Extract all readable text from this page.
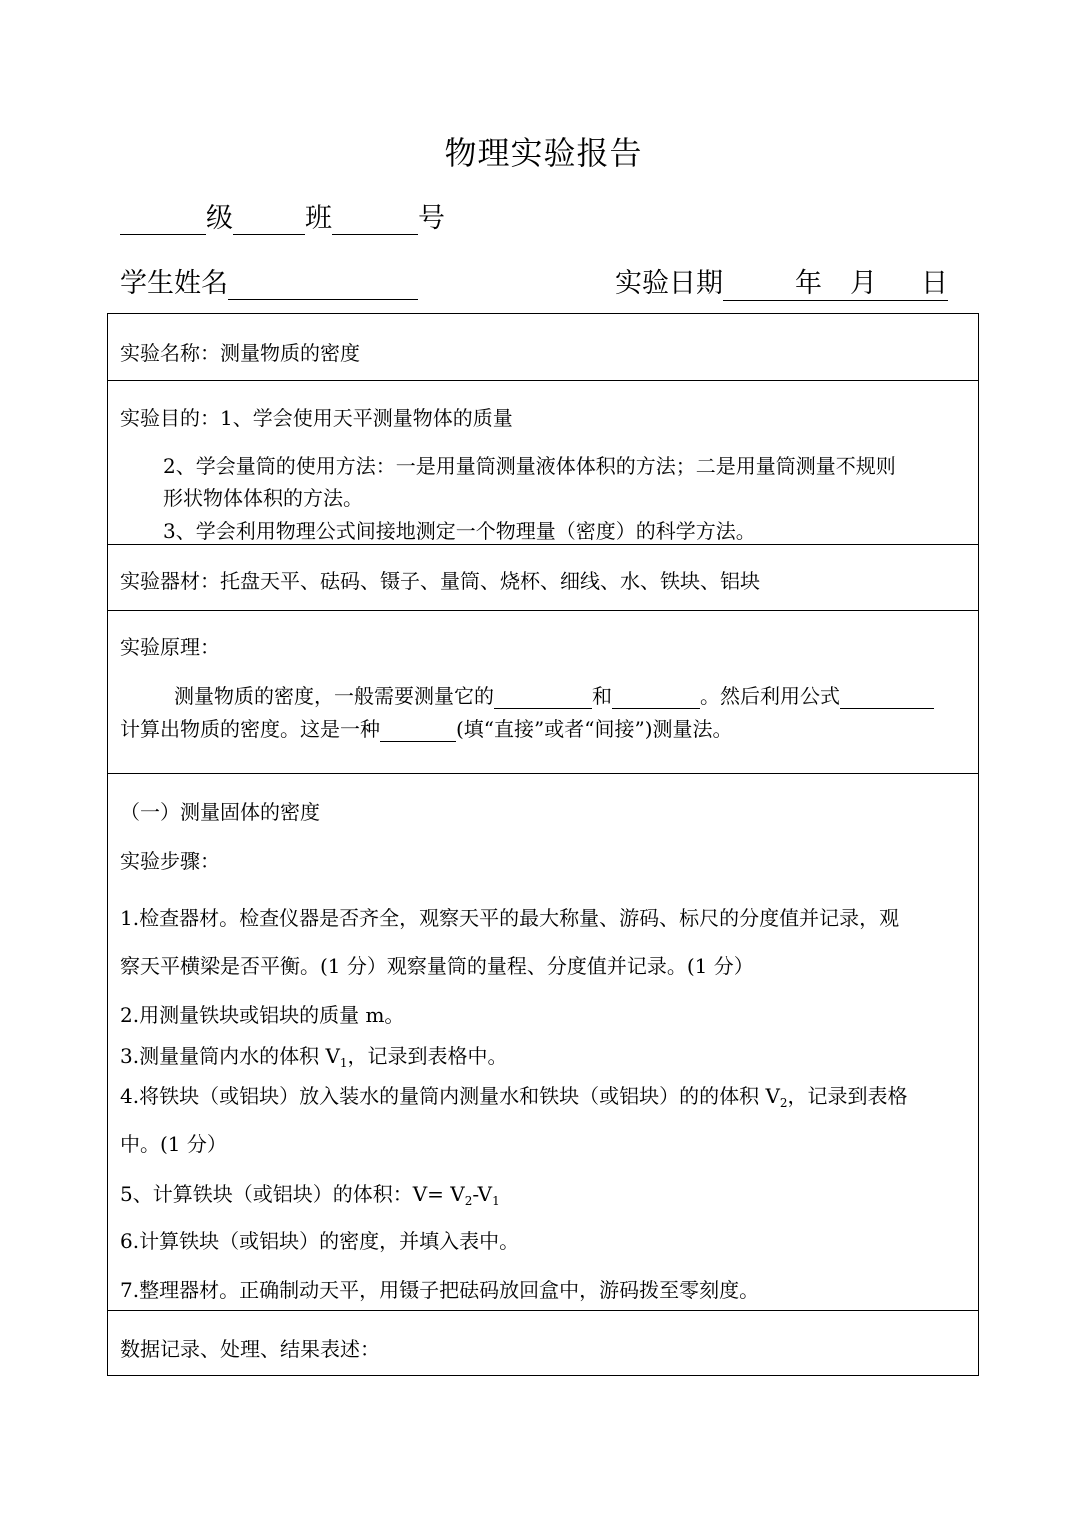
物理实验报告
级	班	号
学生姓名	实验日期	年 月 日
实验名称：测量物质的密度
实验目的：1、学会使用天平测量物体的质量
2、学会量筒的使用方法：一是用量筒测量液体体积的方法；二是用量筒测量不规则
形状物体体积的方法。
3、学会利用物理公式间接地测定一个物理量（密度）的科学方法。
实验器材：托盘天平、砝码、镊子、量筒、烧杯、细线、水、铁块、铝块
实验原理：
测量物质的密度，一般需要测量它的	和	。然后利用公式
计算出物质的密度。这是一种	(填“直接”或者“间接”)测量法。
（一）测量固体的密度
实验步骤：
1.检查器材。检查仪器是否齐全，观察天平的最大称量、游码、标尺的分度值并记录，观
察天平横梁是否平衡。(1 分）观察量筒的量程、分度值并记录。(1 分）
2.用测量铁块或铝块的质量 m。
3.测量量筒内水的体积 $V_1$，记录到表格中。
4.将铁块（或铝块）放入装水的量筒内测量水和铁块（或铝块）的的体积 $V_2$，记录到表格
中。(1 分）
5、计算铁块（或铝块）的体积：$V= V_2-V_1$
6.计算铁块（或铝块）的密度，并填入表中。
7.整理器材。正确制动天平，用镊子把砝码放回盒中，游码拨至零刻度。
数据记录、处理、结果表述：
